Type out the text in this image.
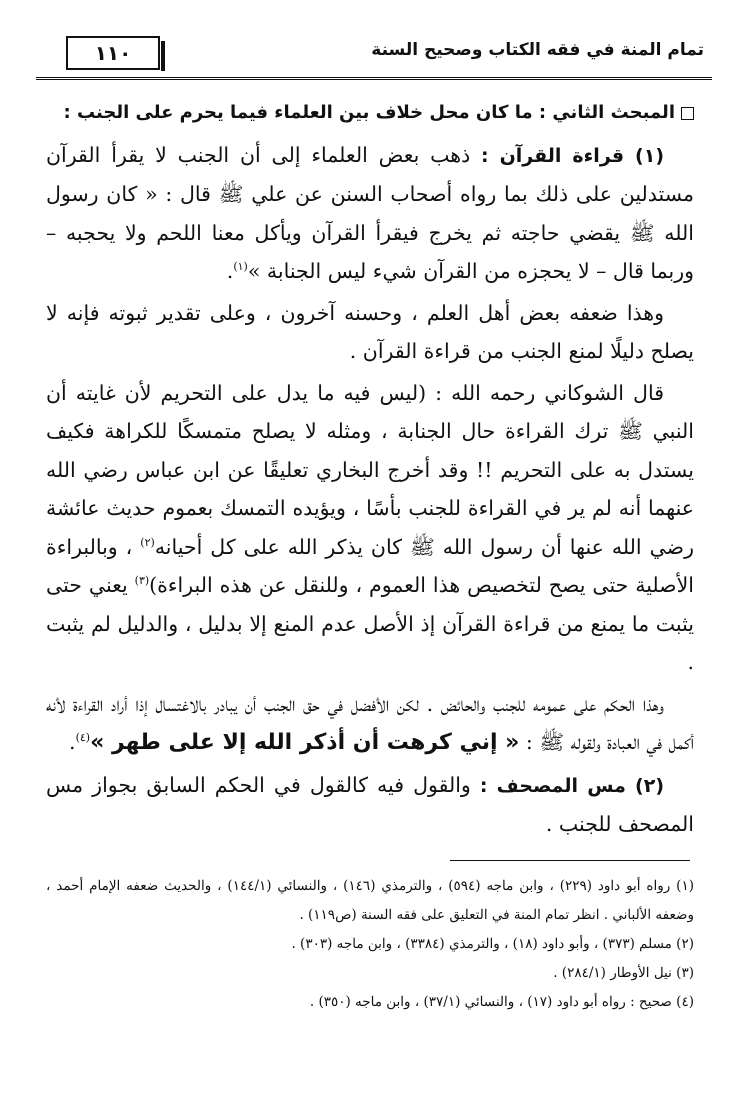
١١٠	تمام المنة في فقه الكتاب وصحيح السنة

المبحث الثاني : ما كان محل خلاف بين العلماء فيما يحرم على الجنب :

(١) قراءة القرآن : ذهب بعض العلماء إلى أن الجنب لا يقرأ القرآن مستدلين على ذلك بما رواه أصحاب السنن عن علي ﷺ قال : « كان رسول الله ﷺ يقضي حاجته ثم يخرج فيقرأ القرآن ويأكل معنا اللحم ولا يحجبه – وربما قال – لا يحجزه من القرآن شيء ليس الجنابة »$^{(١)}$.

وهذا ضعفه بعض أهل العلم ، وحسنه آخرون ، وعلى تقدير ثبوته فإنه لا يصلح دليلًا لمنع الجنب من قراءة القرآن .

قال الشوكاني رحمه الله : (ليس فيه ما يدل على التحريم لأن غايته أن النبي ﷺ ترك القراءة حال الجنابة ، ومثله لا يصلح متمسكًا للكراهة فكيف يستدل به على التحريم !! وقد أخرج البخاري تعليقًا عن ابن عباس رضي الله عنهما أنه لم ير في القراءة للجنب بأسًا ، ويؤيده التمسك بعموم حديث عائشة رضي الله عنها أن رسول الله ﷺ كان يذكر الله على كل أحيانه$^{(٢)}$ ، وبالبراءة الأصلية حتى يصح لتخصيص هذا العموم ، وللنقل عن هذه البراءة)$^{(٣)}$ يعني حتى يثبت ما يمنع من قراءة القرآن إذ الأصل عدم المنع إلا بدليل ، والدليل لم يثبت .

وهذا الحكم على عمومه للجنب والحائض . لكن الأفضل في حق الجنب أن يبادر بالاغتسال إذا أراد القراءة لأنه أكمل في العبادة ولقوله ﷺ : « إني كرهت أن أذكر الله إلا على طهر »$^{(٤)}$.

(٢) مس المصحف : والقول فيه كالقول في الحكم السابق بجواز مس المصحف للجنب .

(١) رواه أبو داود (٢٢٩) ، وابن ماجه (٥٩٤) ، والترمذي (١٤٦) ، والنسائي (١٤٤/١) ، والحديث ضعفه الإمام أحمد ، وضعفه الألباني . انظر تمام المنة في التعليق على فقه السنة (ص١١٩) .

(٢) مسلم (٣٧٣) ، وأبو داود (١٨) ، والترمذي (٣٣٨٤) ، وابن ماجه (٣٠٣) .

(٣) نيل الأوطار (٢٨٤/١) .

(٤) صحيح : رواه أبو داود (١٧) ، والنسائي (٣٧/١) ، وابن ماجه (٣٥٠) .
